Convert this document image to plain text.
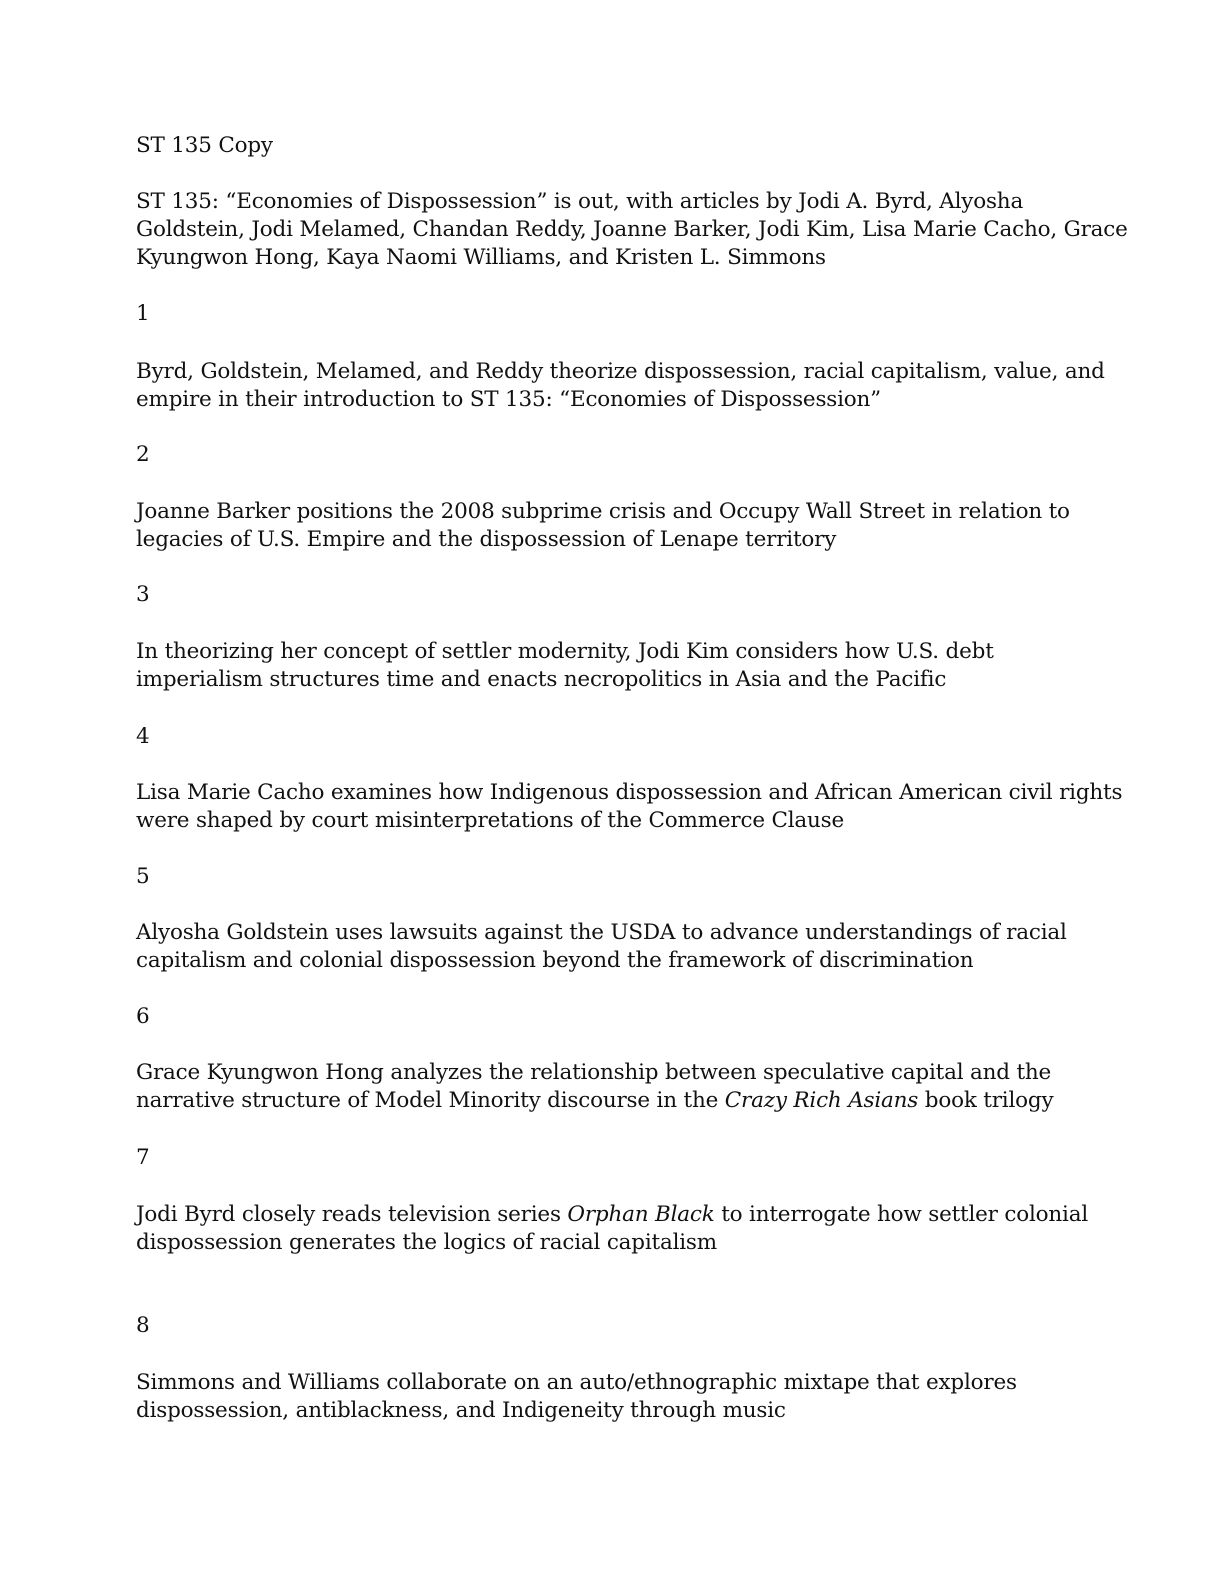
ST 135 Copy

ST 135: “Economies of Dispossession” is out, with articles by Jodi A. Byrd, Alyosha

Goldstein, Jodi Melamed, Chandan Reddy, Joanne Barker, Jodi Kim, Lisa Marie Cacho, Grace

Kyungwon Hong, Kaya Naomi Williams, and Kristen L. Simmons

1

Byrd, Goldstein, Melamed, and Reddy theorize dispossession, racial capitalism, value, and

empire in their introduction to ST 135: “Economies of Dispossession”

2

Joanne Barker positions the 2008 subprime crisis and Occupy Wall Street in relation to

legacies of U.S. Empire and the dispossession of Lenape territory

3

In theorizing her concept of settler modernity, Jodi Kim considers how U.S. debt

imperialism structures time and enacts necropolitics in Asia and the Pacific

4

Lisa Marie Cacho examines how Indigenous dispossession and African American civil rights

were shaped by court misinterpretations of the Commerce Clause

5

Alyosha Goldstein uses lawsuits against the USDA to advance understandings of racial

capitalism and colonial dispossession beyond the framework of discrimination

6

Grace Kyungwon Hong analyzes the relationship between speculative capital and the

narrative structure of Model Minority discourse in the Crazy Rich Asians book trilogy

7

Jodi Byrd closely reads television series Orphan Black to interrogate how settler colonial

dispossession generates the logics of racial capitalism

8

Simmons and Williams collaborate on an auto/ethnographic mixtape that explores

dispossession, antiblackness, and Indigeneity through music
